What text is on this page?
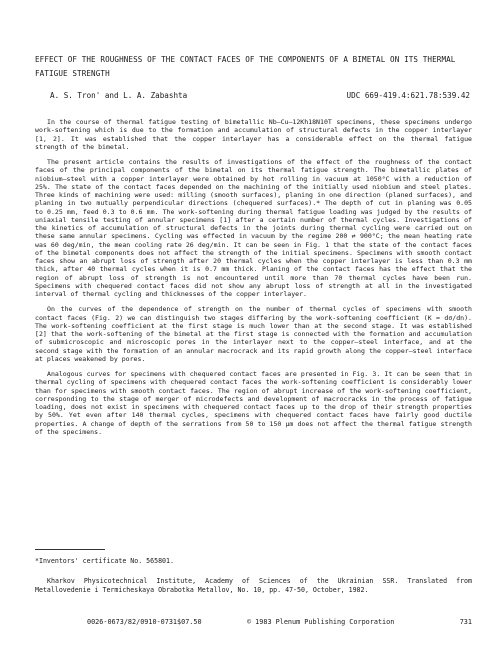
EFFECT OF THE ROUGHNESS OF THE CONTACT FACES OF THE COMPONENTS OF A BIMETAL ON ITS THERMAL FATIGUE STRENGTH
A. S. Tron' and L. A. Zabashta	UDC 669-419.4:621.78:539.42

In the course of thermal fatigue testing of bimetallic Nb–Cu–12Kh18N10T specimens, these specimens undergo work-softening which is due to the formation and accumulation of structural defects in the copper interlayer [1, 2]. It was established that the copper interlayer has a considerable effect on the thermal fatigue strength of the bimetal.

The present article contains the results of investigations of the effect of the roughness of the contact faces of the principal components of the bimetal on its thermal fatigue strength. The bimetallic plates of niobium–steel with a copper interlayer were obtained by hot rolling in vacuum at 1050°C with a reduction of 25%. The state of the contact faces depended on the machining of the initially used niobium and steel plates. Three kinds of machining were used: milling (smooth surfaces), planing in one direction (planed surfaces), and planing in two mutually perpendicular directions (chequered surfaces).* The depth of cut in planing was 0.05 to 0.25 mm, feed 0.3 to 0.6 mm. The work-softening during thermal fatigue loading was judged by the results of uniaxial tensile testing of annular specimens [1] after a certain number of thermal cycles. Investigations of the kinetics of accumulation of structural defects in the joints during thermal cycling were carried out on these same annular specimens. Cycling was effected in vacuum by the regime 200 ⇄ 900°C; the mean heating rate was 60 deg/min, the mean cooling rate 26 deg/min. It can be seen in Fig. 1 that the state of the contact faces of the bimetal components does not affect the strength of the initial specimens. Specimens with smooth contact faces show an abrupt loss of strength after 20 thermal cycles when the copper interlayer is less than 0.3 mm thick, after 40 thermal cycles when it is 0.7 mm thick. Planing of the contact faces has the effect that the region of abrupt loss of strength is not encountered until more than 70 thermal cycles have been run. Specimens with chequered contact faces did not show any abrupt loss of strength at all in the investigated interval of thermal cycling and thicknesses of the copper interlayer.

On the curves of the dependence of strength on the number of thermal cycles of specimens with smooth contact faces (Fig. 2) we can distinguish two stages differing by the work-softening coefficient (K = dσ/dn). The work-softening coefficient at the first stage is much lower than at the second stage. It was established [2] that the work-softening of the bimetal at the first stage is connected with the formation and accumulation of submicroscopic and microscopic pores in the interlayer next to the copper–steel interface, and at the second stage with the formation of an annular macrocrack and its rapid growth along the copper–steel interface at places weakened by pores.

Analogous curves for specimens with chequered contact faces are presented in Fig. 3. It can be seen that in thermal cycling of specimens with chequered contact faces the work-softening coefficient is considerably lower than for specimens with smooth contact faces. The region of abrupt increase of the work-softening coefficient, corresponding to the stage of merger of microdefects and development of macrocracks in the process of fatigue loading, does not exist in specimens with chequered contact faces up to the drop of their strength properties by 50%. Yet even after 140 thermal cycles, specimens with chequered contact faces have fairly good ductile properties. A change of depth of the serrations from 50 to 150 μm does not affect the thermal fatigue strength of the specimens.

*Inventors' certificate No. 565801.
Kharkov Physicotechnical Institute, Academy of Sciences of the Ukrainian SSR. Translated from Metallovedenie i Termicheskaya Obrabotka Metallov, No. 10, pp. 47-50, October, 1982.
0026-0673/82/0910-0731$07.50	© 1983 Plenum Publishing Corporation	731
